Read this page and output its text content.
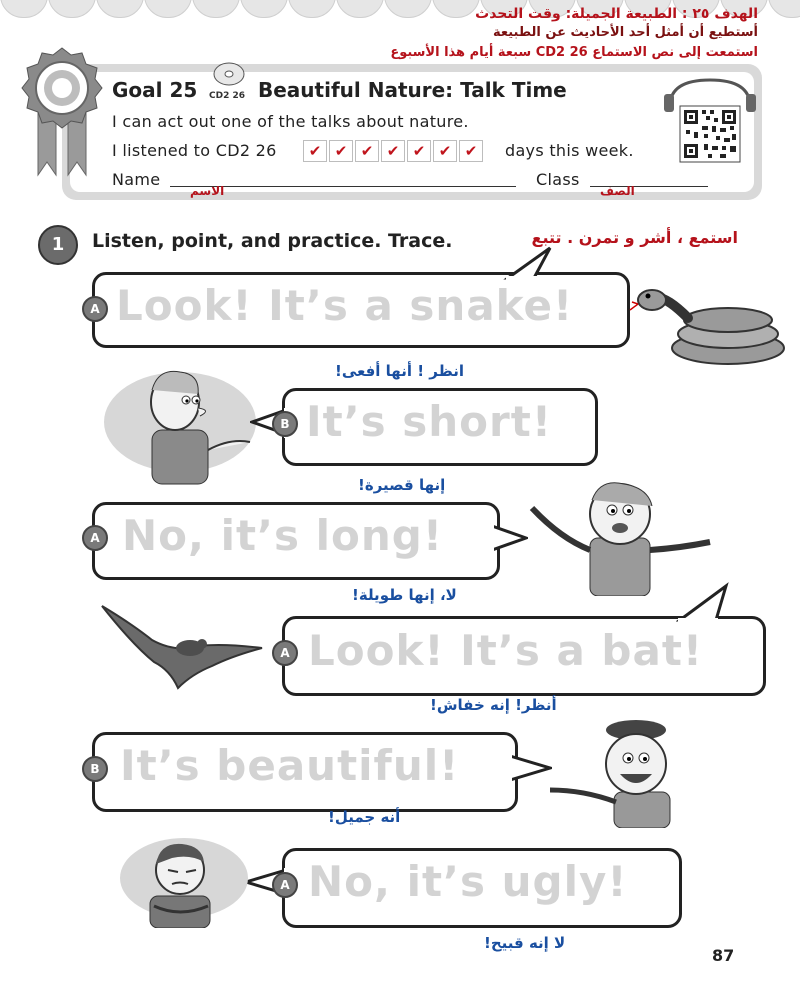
الهدف ٢٥ : الطبيعة الجميلة: وقت التحدث
أستطيع أن أمثل أحد الأحاديث عن الطبيعة
استمعت إلى نص الاستماع CD2 26 سبعة أيام هذا الأسبوع
Goal 25 CD2 26 Beautiful Nature: Talk Time
I can act out one of the talks about nature.
I listened to CD2 26	✔ ✔ ✔ ✔ ✔ ✔ ✔	days this week.
Name
الاسم
Class
الصف
1	Listen, point, and practice. Trace.	استمع ، أشر و تمرن . تتبع
A Look! It’s a snake!
انظر ! أنها أفعى!
B It’s short!
إنها قصيرة!
A No, it’s long!
لا، إنها طويلة!
A Look! It’s a bat!
أنظر! إنه خفاش!
B It’s beautiful!
أنه جميل!
A No, it’s ugly!
لا إنه قبيح!
87
